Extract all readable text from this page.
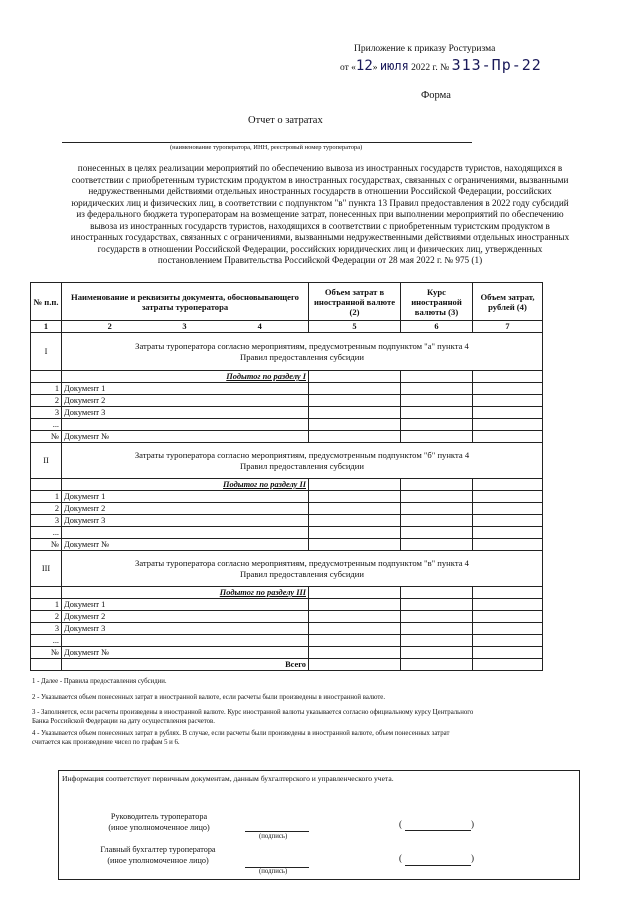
Приложение к приказу Ростуризма
от «12» июля 2022 г. № 313-Пр-22
Форма
Отчет о затратах
(наименование туроператора, ИНН, реестровый номер туроператора)
понесенных в целях реализации мероприятий по обеспечению вывоза из иностранных государств туристов, находящихся в
соответствии с приобретенным туристским продуктом в иностранных государствах, связанных с ограничениями, вызванными
недружественными действиями отдельных иностранных государств в отношении Российской Федерации, российских
юридических лиц и физических лиц, в соответствии с подпунктом "в" пункта 13 Правил предоставления в 2022 году субсидий
из федерального бюджета туроператорам на возмещение затрат, понесенных при выполнении мероприятий по обеспечению
вывоза из иностранных государств туристов, находящихся в соответствии с приобретенным туристским продуктом в
иностранных государствах, связанных с ограничениями, вызванными недружественными действиями отдельных иностранных
государств в отношении Российской Федерации, российских юридических лиц и физических лиц, утвержденных
постановлением Правительства Российской Федерации от 28 мая 2022 г. № 975 (1)
№ п.п.	Наименование и реквизиты документа, обосновывающего затраты туроператора			Объем затрат в иностранной валюте (2)	Курс иностранной валюты (3)	Объем затрат, рублей (4)
1	2	3	4	5	6	7
I	Затраты туроператора согласно мероприятиям, предусмотренным подпунктом "а" пункта 4
Правил предоставления субсидии					

	Подытог по разделу I					
1	Документ 1					
2	Документ 2					
3	Документ 3					
...						
№	Документ №					
II	Затраты туроператора согласно мероприятиям, предусмотренным подпунктом "б" пункта 4
Правил предоставления субсидии					

	Подытог по разделу II					
1	Документ 1					
2	Документ 2					
3	Документ 3					
...						
№	Документ №					
III	Затраты туроператора согласно мероприятиям, предусмотренным подпунктом "в" пункта 4
Правил предоставления субсидии					

	Подытог по разделу III					
1	Документ 1					
2	Документ 2					
3	Документ 3					
...						
№	Документ №					
	Всего					
1 - Далее - Правила предоставления субсидии.
2 - Указывается объем понесенных затрат в иностранной валюте, если расчеты были произведены в иностранной валюте.
3 - Заполняется, если расчеты произведены в иностранной валюте. Курс иностранной валюты указывается согласно официальному курсу Центрального
Банка Российской Федерации на дату осуществления расчетов.
4 - Указывается объем понесенных затрат в рублях. В случае, если расчеты были произведены в иностранной валюте, объем понесенных затрат
считается как произведение чисел по графам 5 и 6.
Информация соответствует первичным документам, данным бухгалтерского и управленческого учета.
Руководитель туроператора
(иное уполномоченное лицо)
(подпись)
(	)
Главный бухгалтер туроператора
(иное уполномоченное лицо)
(подпись)
(	)
